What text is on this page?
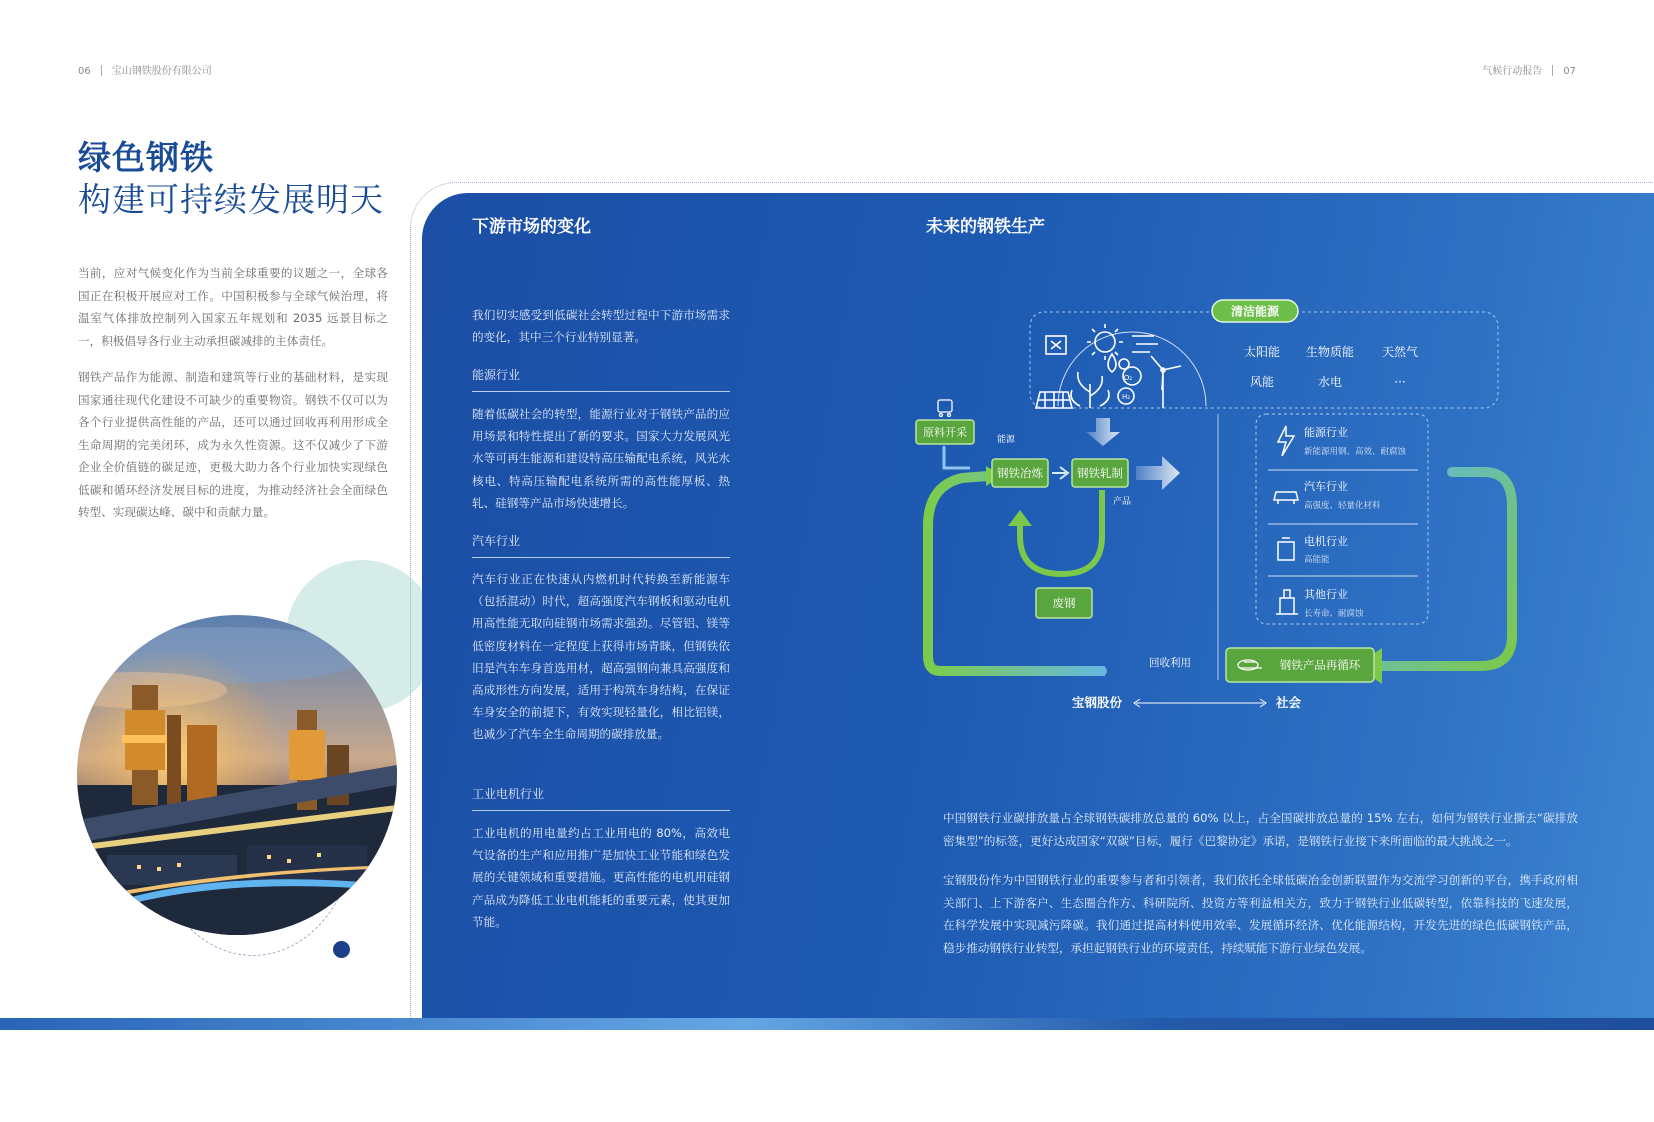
06 宝山钢铁股份有限公司	气候行动报告 07
绿色钢铁
构建可持续发展明天

当前，应对气候变化作为当前全球重要的议题之一，全球各国正在积极开展应对工作。中国积极参与全球气候治理，将温室气体排放控制列入国家五年规划和 2035 远景目标之一，积极倡导各行业主动承担碳减排的主体责任。

钢铁产品作为能源、制造和建筑等行业的基础材料，是实现国家通往现代化建设不可缺少的重要物资。钢铁不仅可以为各个行业提供高性能的产品，还可以通过回收再利用形成全生命周期的完美闭环，成为永久性资源。这不仅减少了下游企业全价值链的碳足迹，更极大助力各个行业加快实现绿色低碳和循环经济发展目标的进度，为推动经济社会全面绿色转型、实现碳达峰、碳中和贡献力量。

下游市场的变化	未来的钢铁生产

我们切实感受到低碳社会转型过程中下游市场需求的变化，其中三个行业特别显著。

能源行业

随着低碳社会的转型，能源行业对于钢铁产品的应用场景和特性提出了新的要求。国家大力发展风光水等可再生能源和建设特高压输配电系统，风光水核电、特高压输配电系统所需的高性能厚板、热轧、硅钢等产品市场快速增长。

汽车行业

汽车行业正在快速从内燃机时代转换至新能源车（包括混动）时代，超高强度汽车钢板和驱动电机用高性能无取向硅钢市场需求强劲。尽管铝、镁等低密度材料在一定程度上获得市场青睐，但钢铁依旧是汽车车身首选用材，超高强钢向兼具高强度和高成形性方向发展，适用于构筑车身结构，在保证车身安全的前提下，有效实现轻量化，相比铝镁，也减少了汽车全生命周期的碳排放量。

工业电机行业

工业电机的用电量约占工业用电的 80%，高效电气设备的生产和应用推广是加快工业节能和绿色发展的关键领域和重要措施。更高性能的电机用硅钢产品成为降低工业电机能耗的重要元素，使其更加节能。

中国钢铁行业碳排放量占全球钢铁碳排放总量的 60% 以上，占全国碳排放总量的 15% 左右，如何为钢铁行业撕去“碳排放密集型”的标签，更好达成国家“双碳”目标，履行《巴黎协定》承诺，是钢铁行业接下来所面临的最大挑战之一。

宝钢股份作为中国钢铁行业的重要参与者和引领者，我们依托全球低碳冶金创新联盟作为交流学习创新的平台，携手政府相关部门、上下游客户、生态圈合作方、科研院所、投资方等利益相关方，致力于钢铁行业低碳转型，依靠科技的飞速发展，在科学发展中实现减污降碳。我们通过提高材料使用效率、发展循环经济、优化能源结构，开发先进的绿色低碳钢铁产品，稳步推动钢铁行业转型，承担起钢铁行业的环境责任，持续赋能下游行业绿色发展。

清洁能源
O₂
H₂
太阳能 生物质能 天然气
风能	水电	···
原料开采
能源
钢铁冶炼	钢铁轧制
产品
废钢
能源行业
新能源用钢、高效、耐腐蚀
汽车行业
高强度、轻量化材料
电机行业
高能能
其他行业
长寿命、耐腐蚀
钢铁产品再循环
回收利用
宝钢股份	社会
